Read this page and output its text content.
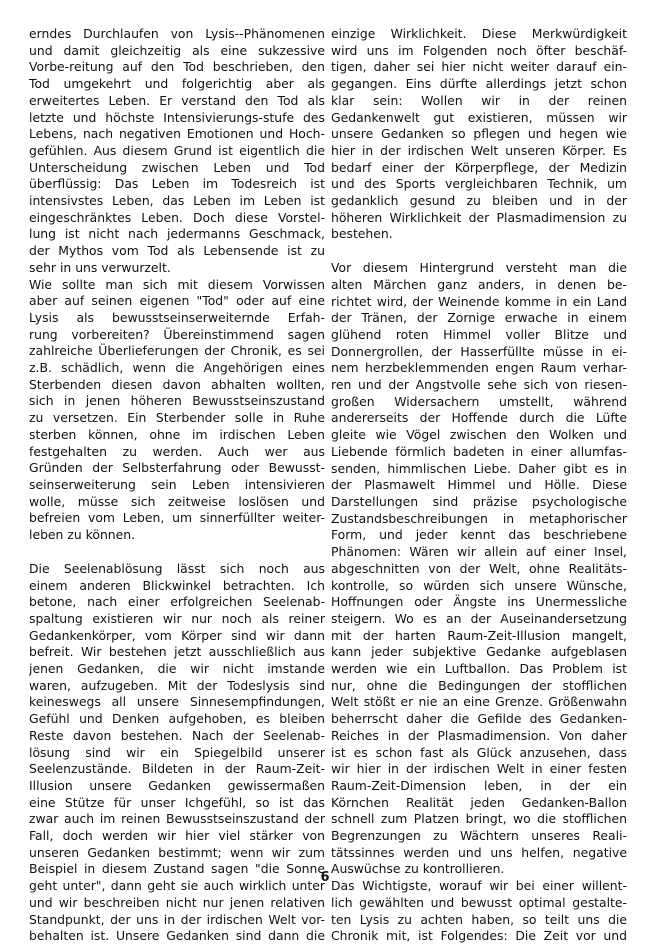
erndes Durchlaufen von Lysis--Phänomenen
und damit gleichzeitig als eine sukzessive
Vorbe-reitung auf den Tod beschrieben, den
Tod umgekehrt und folgerichtig aber als
erweitertes Leben. Er verstand den Tod als
letzte und höchste Intensivierungs-stufe des
Lebens, nach negativen Emotionen und Hoch-
gefühlen. Aus diesem Grund ist eigentlich die
Unterscheidung zwischen Leben und Tod
überflüssig: Das Leben im Todesreich ist
intensivstes Leben, das Leben im Leben ist
eingeschränktes Leben. Doch diese Vorstel-
lung ist nicht nach jedermanns Geschmack,
der Mythos vom Tod als Lebensende ist zu
sehr in uns verwurzelt.
Wie sollte man sich mit diesem Vorwissen
aber auf seinen eigenen "Tod" oder auf eine
Lysis als bewusstseinserweiternde Erfah-
rung vorbereiten? Übereinstimmend sagen
zahlreiche Überlieferungen der Chronik, es sei
z.B. schädlich, wenn die Angehörigen eines
Sterbenden diesen davon abhalten wollten,
sich in jenen höheren Bewusstseinszustand
zu versetzen. Ein Sterbender solle in Ruhe
sterben können, ohne im irdischen Leben
festgehalten zu werden. Auch wer aus
Gründen der Selbsterfahrung oder Bewusst-
seinserweiterung sein Leben intensivieren
wolle, müsse sich zeitweise loslösen und
befreien vom Leben, um sinnerfüllter weiter-
leben zu können.
Die Seelenablösung lässt sich noch aus
einem anderen Blickwinkel betrachten. Ich
betone, nach einer erfolgreichen Seelenab-
spaltung existieren wir nur noch als reiner
Gedankenkörper, vom Körper sind wir dann
befreit. Wir bestehen jetzt ausschließlich aus
jenen Gedanken, die wir nicht imstande
waren, aufzugeben. Mit der Todeslysis sind
keineswegs all unsere Sinnesempfindungen,
Gefühl und Denken aufgehoben, es bleiben
Reste davon bestehen. Nach der Seelenab-
lösung sind wir ein Spiegelbild unserer
Seelenzustände. Bildeten in der Raum-Zeit-
Illusion unsere Gedanken gewissermaßen
eine Stütze für unser Ichgefühl, so ist das
zwar auch im reinen Bewusstseinszustand der
Fall, doch werden wir hier viel stärker von
unseren Gedanken bestimmt; wenn wir zum
Beispiel in diesem Zustand sagen "die Sonne
geht unter", dann geht sie auch wirklich unter
und wir beschreiben nicht nur jenen relativen
Standpunkt, der uns in der irdischen Welt vor-
behalten ist. Unsere Gedanken sind dann die
einzige Wirklichkeit. Diese Merkwürdigkeit
wird uns im Folgenden noch öfter beschäf-
tigen, daher sei hier nicht weiter darauf ein-
gegangen. Eins dürfte allerdings jetzt schon
klar sein: Wollen wir in der reinen
Gedankenwelt gut existieren, müssen wir
unsere Gedanken so pflegen und hegen wie
hier in der irdischen Welt unseren Körper. Es
bedarf einer der Körperpflege, der Medizin
und des Sports vergleichbaren Technik, um
gedanklich gesund zu bleiben und in der
höheren Wirklichkeit der Plasmadimension zu
bestehen.
Vor diesem Hintergrund versteht man die
alten Märchen ganz anders, in denen be-
richtet wird, der Weinende komme in ein Land
der Tränen, der Zornige erwache in einem
glühend roten Himmel voller Blitze und
Donnergrollen, der Hasserfüllte müsse in ei-
nem herzbeklemmenden engen Raum verhar-
ren und der Angstvolle sehe sich von riesen-
großen Widersachern umstellt, während
andererseits der Hoffende durch die Lüfte
gleite wie Vögel zwischen den Wolken und
Liebende förmlich badeten in einer allumfas-
senden, himmlischen Liebe. Daher gibt es in
der Plasmawelt Himmel und Hölle. Diese
Darstellungen sind präzise psychologische
Zustandsbeschreibungen in metaphorischer
Form, und jeder kennt das beschriebene
Phänomen: Wären wir allein auf einer Insel,
abgeschnitten von der Welt, ohne Realitäts-
kontrolle, so würden sich unsere Wünsche,
Hoffnungen oder Ängste ins Unermessliche
steigern. Wo es an der Auseinandersetzung
mit der harten Raum-Zeit-Illusion mangelt,
kann jeder subjektive Gedanke aufgeblasen
werden wie ein Luftballon. Das Problem ist
nur, ohne die Bedingungen der stofflichen
Welt stößt er nie an eine Grenze. Größenwahn
beherrscht daher die Gefilde des Gedanken-
Reiches in der Plasmadimension. Von daher
ist es schon fast als Glück anzusehen, dass
wir hier in der irdischen Welt in einer festen
Raum-Zeit-Dimension leben, in der ein
Körnchen Realität jeden Gedanken-Ballon
schnell zum Platzen bringt, wo die stofflichen
Begrenzungen zu Wächtern unseres Reali-
tätssinnes werden und uns helfen, negative
Auswüchse zu kontrollieren.
Das Wichtigste, worauf wir bei einer willent-
lich gewählten und bewusst optimal gestalte-
ten Lysis zu achten haben, so teilt uns die
Chronik mit, ist Folgendes: Die Zeit vor und
6
